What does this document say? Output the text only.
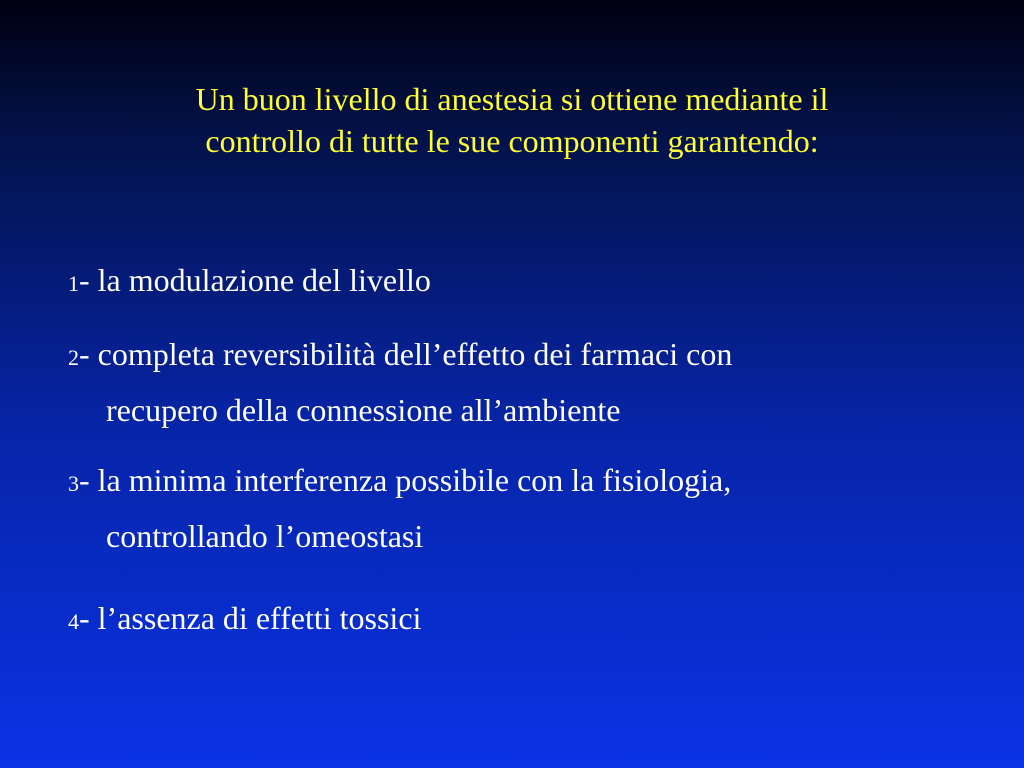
Un buon livello di anestesia si ottiene mediante il
controllo di tutte le sue componenti garantendo:
1- la modulazione del livello
2- completa reversibilità dell’effetto dei farmaci con
recupero della connessione all’ambiente
3- la minima interferenza possibile con la fisiologia,
controllando l’omeostasi
4- l’assenza di effetti tossici
